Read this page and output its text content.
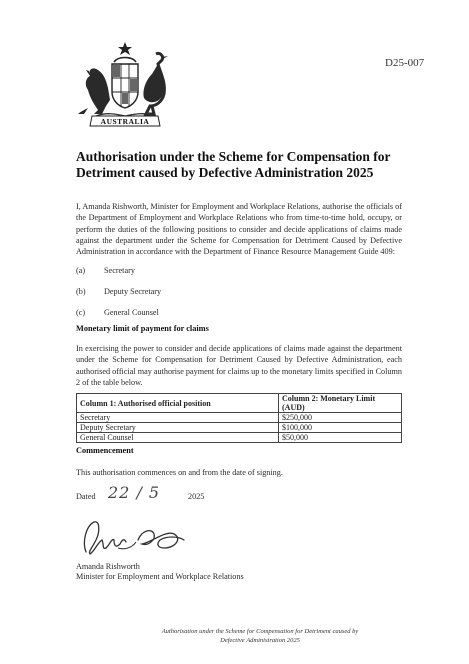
D25-007
AUSTRALIA
Authorisation under the Scheme for Compensation for Detriment caused by Defective Administration 2025

I, Amanda Rishworth, Minister for Employment and Workplace Relations, authorise the officials of the Department of Employment and Workplace Relations who from time-to-time hold, occupy, or perform the duties of the following positions to consider and decide applications of claims made against the department under the Scheme for Compensation for Detriment Caused by Defective Administration in accordance with the Department of Finance Resource Management Guide 409:

(a)	Secretary
(b)	Deputy Secretary
(c)	General Counsel
Monetary limit of payment for claims

In exercising the power to consider and decide applications of claims made against the department under the Scheme for Compensation for Detriment Caused by Defective Administration, each authorised official may authorise payment for claims up to the monetary limits specified in Column 2 of the table below.

Column 1: Authorised official position	Column 2: Monetary Limit (AUD)
Secretary	$250,000
Deputy Secretary	$100,000
General Counsel	$50,000
Commencement

This authorisation commences on and from the date of signing.

Dated 22 / 5	2025

Amanda Rishworth
Minister for Employment and Workplace Relations

Authorisation under the Scheme for Compensation for Detriment caused by
Defective Administration 2025
